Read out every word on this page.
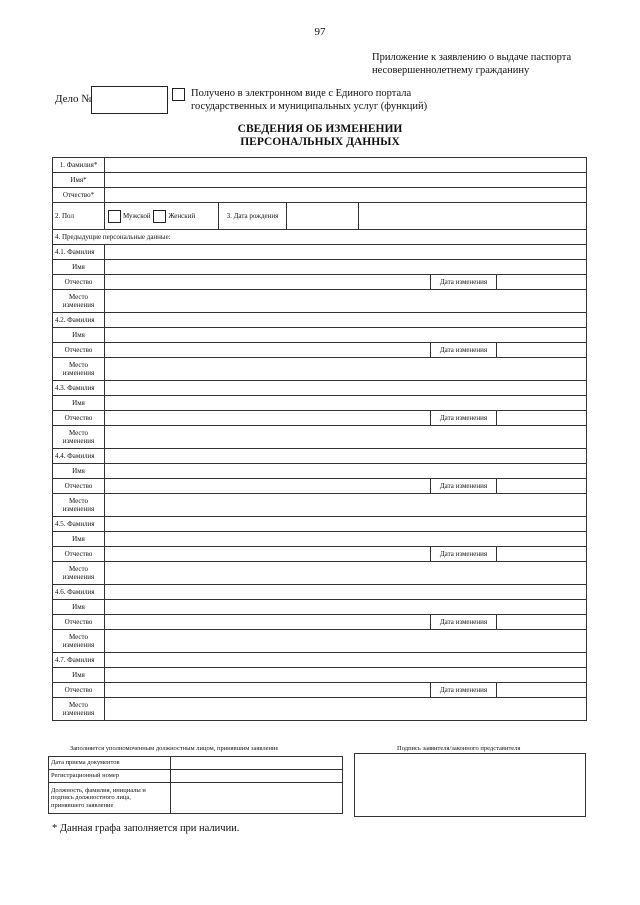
97
Приложение к заявлению о выдаче паспорта
несовершеннолетнему гражданину
Дело №	Получено в электронном виде с Единого портала
государственных и муниципальных услуг (функций)
СВЕДЕНИЯ ОБ ИЗМЕНЕНИИ
ПЕРСОНАЛЬНЫХ ДАННЫХ
1. Фамилия*						
Имя*						
Отчество*						
2. Пол	Мужской Женский	3. Дата рождения				
4. Предыдущие персональные данные:						
4.1. Фамилия						
Имя						
Отчество					Дата изменения	

Место
изменения						

4.2. Фамилия						
Имя						
Отчество					Дата изменения	

Место
изменения						

4.3. Фамилия						
Имя						
Отчество					Дата изменения	

Место
изменения						

4.4. Фамилия						
Имя						
Отчество					Дата изменения	

Место
изменения						

4.5. Фамилия						
Имя						
Отчество					Дата изменения	

Место
изменения						

4.6. Фамилия						
Имя						
Отчество					Дата изменения	

Место
изменения						

4.7. Фамилия						
Имя						
Отчество					Дата изменения	

Место
изменения						

Заполняется уполномоченным должностным лицом, принявшим заявление	Подпись заявителя/законного представителя
Дата приема документов	
Регистрационный номер	

Должность, фамилия, инициалы и
подпись должностного лица,
принявшего заявление	

* Данная графа заполняется при наличии.
